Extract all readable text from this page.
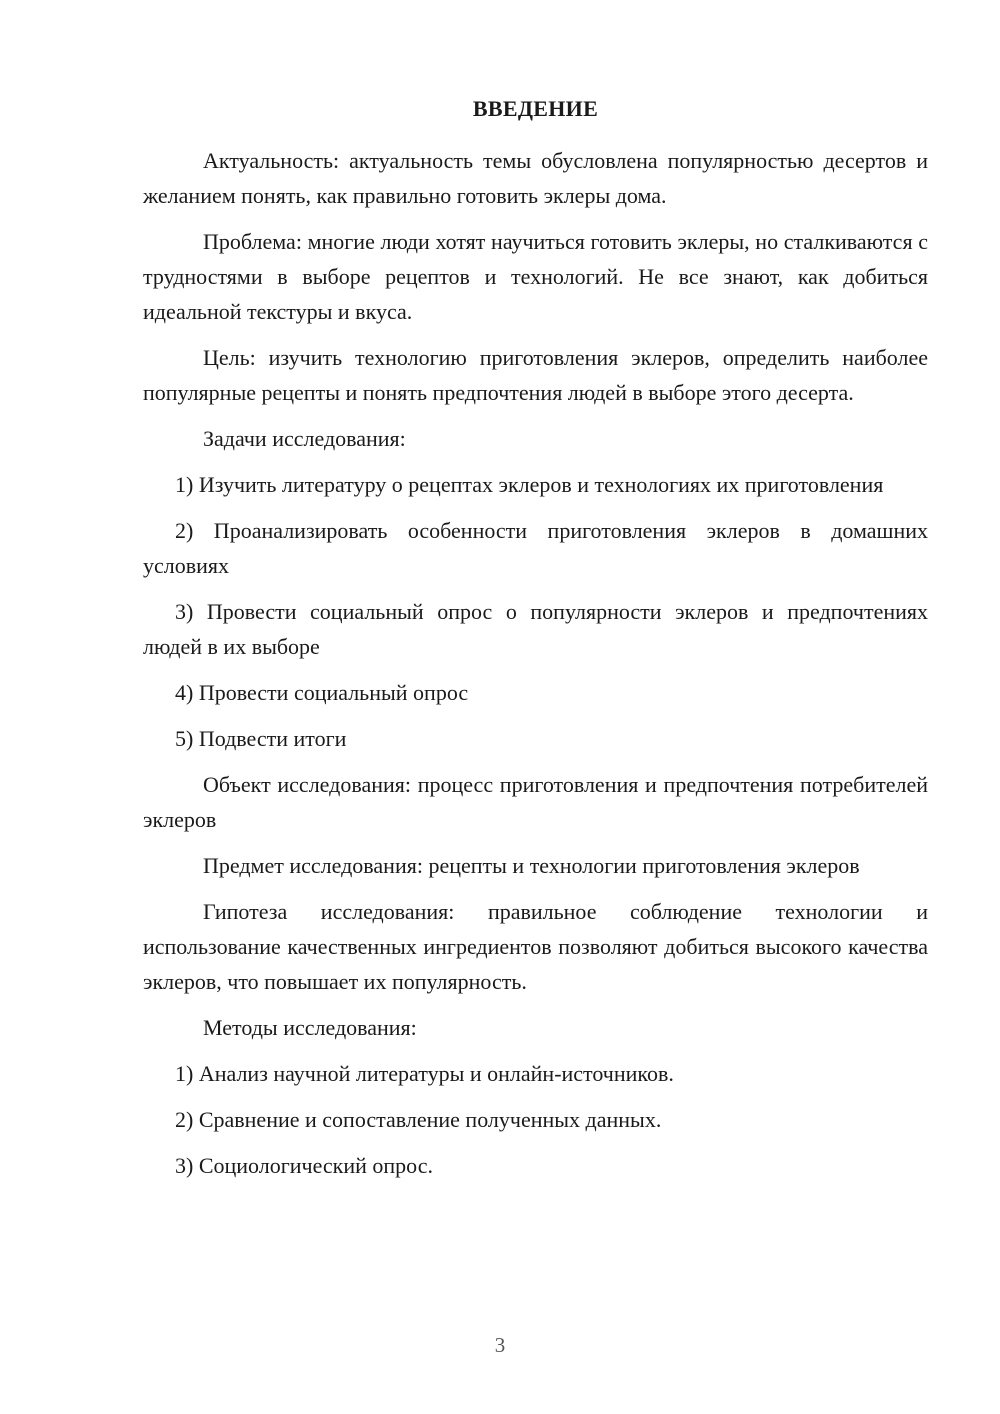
ВВЕДЕНИЕ
Актуальность: актуальность темы обусловлена популярностью десертов и желанием понять, как правильно готовить эклеры дома.
Проблема: многие люди хотят научиться готовить эклеры, но сталкиваются с трудностями в выборе рецептов и технологий. Не все знают, как добиться идеальной текстуры и вкуса.
Цель: изучить технологию приготовления эклеров, определить наиболее популярные рецепты и понять предпочтения людей в выборе этого десерта.
Задачи исследования:
1) Изучить литературу о рецептах эклеров и технологиях их приготовления
2) Проанализировать особенности приготовления эклеров в домашних условиях
3) Провести социальный опрос о популярности эклеров и предпочтениях людей в их выборе
4) Провести социальный опрос
5) Подвести итоги
Объект исследования: процесс приготовления и предпочтения потребителей эклеров
Предмет исследования: рецепты и технологии приготовления эклеров
Гипотеза исследования: правильное соблюдение технологии и использование качественных ингредиентов позволяют добиться высокого качества эклеров, что повышает их популярность.
Методы исследования:
1) Анализ научной литературы и онлайн-источников.
2) Сравнение и сопоставление полученных данных.
3) Социологический опрос.
3
